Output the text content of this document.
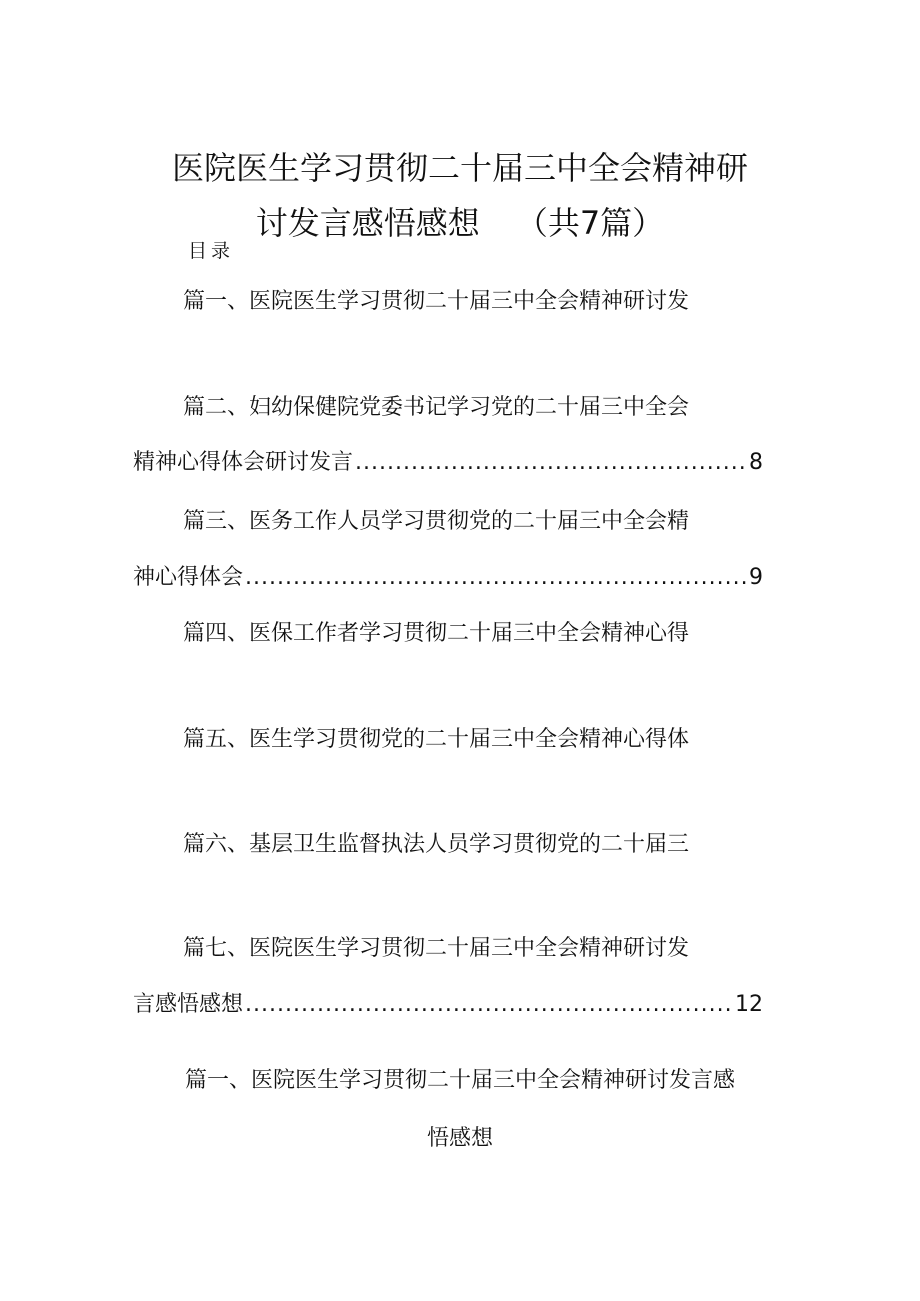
医院医生学习贯彻二十届三中全会精神研
讨发言感悟感想 （共7篇）
目录
篇一、医院医生学习贯彻二十届三中全会精神研讨发
篇二、妇幼保健院党委书记学习党的二十届三中全会
精神心得体会研讨发言 .....	8
篇三、医务工作人员学习贯彻党的二十届三中全会精
神心得体会 .....	9
篇四、医保工作者学习贯彻二十届三中全会精神心得
篇五、医生学习贯彻党的二十届三中全会精神心得体
篇六、基层卫生监督执法人员学习贯彻党的二十届三
篇七、医院医生学习贯彻二十届三中全会精神研讨发
言感悟感想 .....	12
篇一、医院医生学习贯彻二十届三中全会精神研讨发言感
悟感想
